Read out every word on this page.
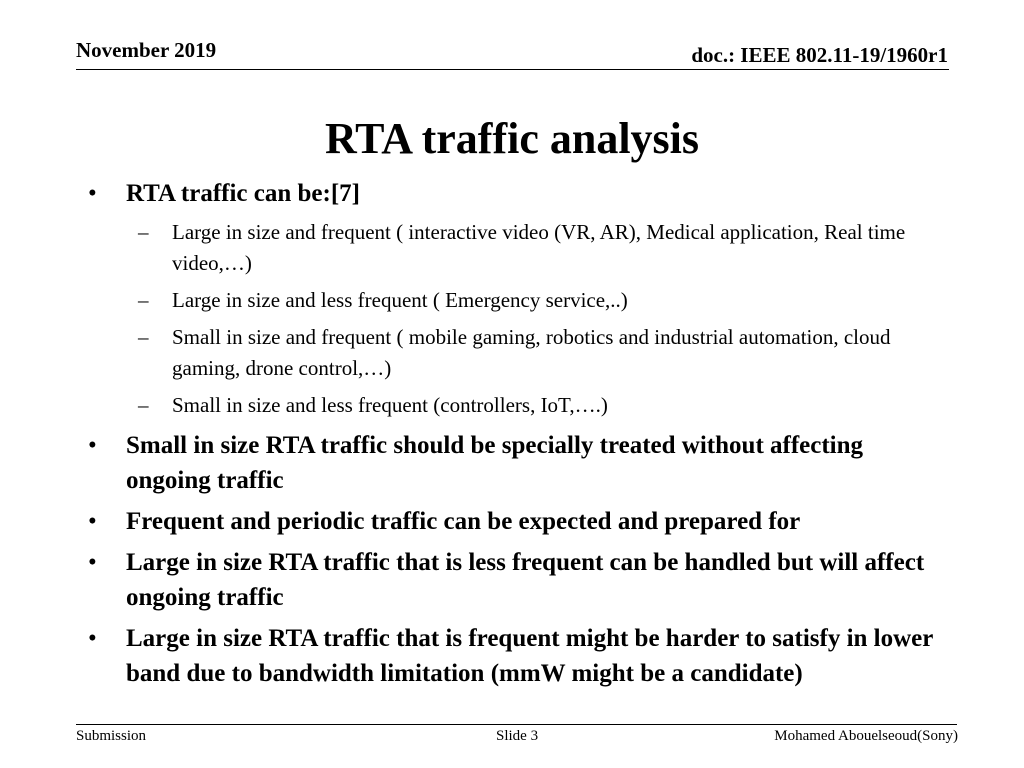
November 2019	doc.: IEEE 802.11-19/1960r1
RTA traffic analysis
• RTA traffic can be:[7]
– Large in size and frequent ( interactive video (VR, AR), Medical application, Real time video,…)
– Large in size and less frequent ( Emergency service,..)
– Small in size and frequent ( mobile gaming, robotics and industrial automation, cloud gaming, drone control,…)
– Small in size and less frequent (controllers, IoT,….)
• Small in size RTA traffic should be specially treated without affecting ongoing traffic
• Frequent and periodic traffic can be expected and prepared for
• Large in size RTA traffic that is less frequent can be handled but will affect ongoing traffic
• Large in size RTA traffic that is frequent might be harder to satisfy in lower band due to bandwidth limitation (mmW might be a candidate)
Submission	Slide 3	Mohamed Abouelseoud(Sony)
